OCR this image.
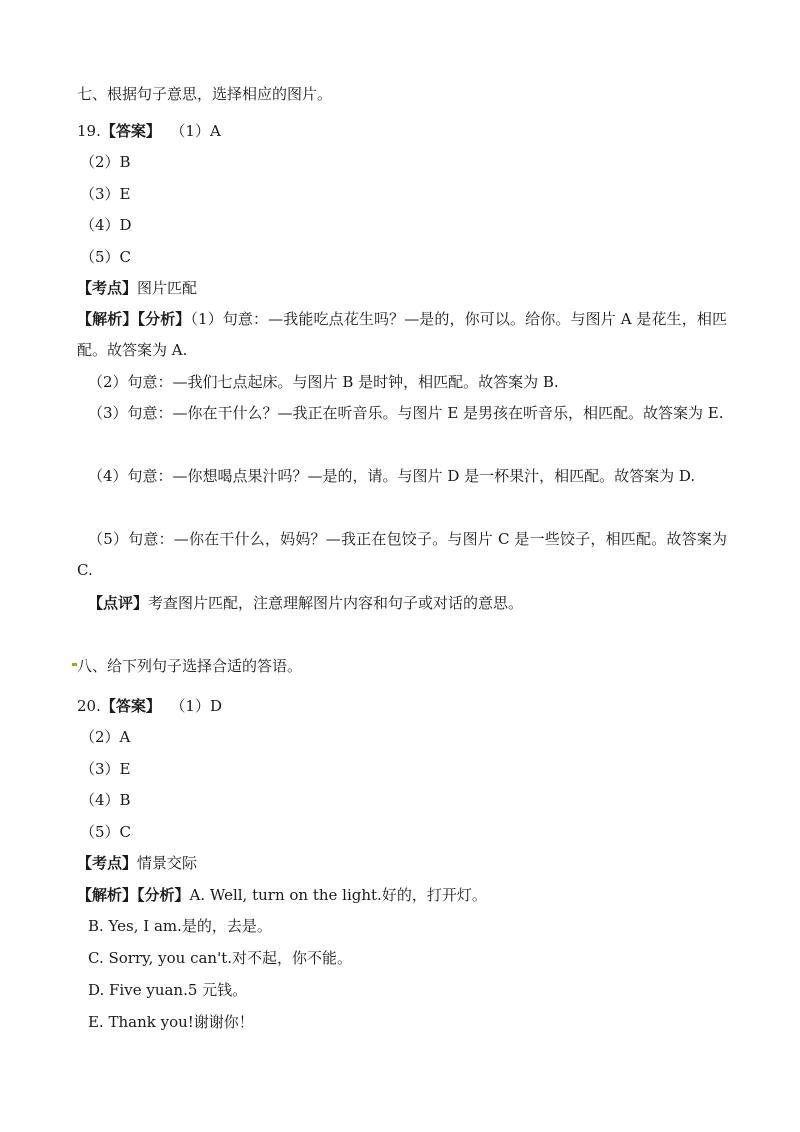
七、根据句子意思，选择相应的图片。
19.【答案】 （1）A
（2）B
（3）E
（4）D
（5）C
【考点】图片匹配
【解析】【分析】（1）句意：—我能吃点花生吗？—是的，你可以。给你。与图片 A 是花生，相匹配。故答案为 A.
（2）句意：—我们七点起床。与图片 B 是时钟，相匹配。故答案为 B.
（3）句意：—你在干什么？—我正在听音乐。与图片 E 是男孩在听音乐，相匹配。故答案为 E.
（4）句意：—你想喝点果汁吗？—是的，请。与图片 D 是一杯果汁，相匹配。故答案为 D.
（5）句意：—你在干什么，妈妈？—我正在包饺子。与图片 C 是一些饺子，相匹配。故答案为 C.
【点评】考查图片匹配，注意理解图片内容和句子或对话的意思。
八、给下列句子选择合适的答语。
20.【答案】 （1）D
（2）A
（3）E
（4）B
（5）C
【考点】情景交际
【解析】【分析】A. Well, turn on the light.好的，打开灯。
B. Yes, I am.是的，去是。
C. Sorry, you can't.对不起，你不能。
D. Five yuan.5 元钱。
E. Thank you!谢谢你！
